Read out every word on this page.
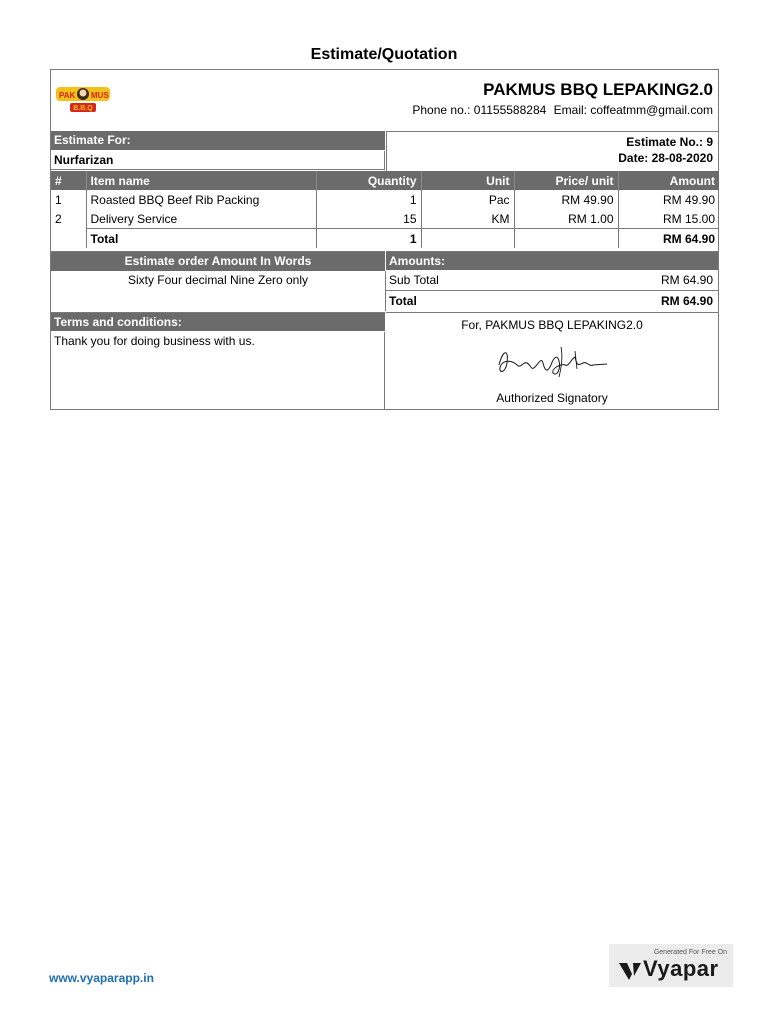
Estimate/Quotation
PAK MUS
B.B.Q
PAKMUS BBQ LEPAKING2.0
Phone no.: 01155588284 Email: coffeatmm@gmail.com
Estimate For:
Nurfarizan
Estimate No.: 9
Date: 28-08-2020
#	Item name	Quantity	Unit	Price/ unit	Amount
1	Roasted BBQ Beef Rib Packing	1	Pac	RM 49.90	RM 49.90
2	Delivery Service	15	KM	RM 1.00	RM 15.00
	Total	1			RM 64.90
Estimate order Amount In Words
Sixty Four decimal Nine Zero only
Amounts:
Sub Total	RM 64.90
Total	RM 64.90
Terms and conditions:
Thank you for doing business with us.
For, PAKMUS BBQ LEPAKING2.0
Authorized Signatory
www.vyaparapp.in
Generated For Free On
Vyapar
